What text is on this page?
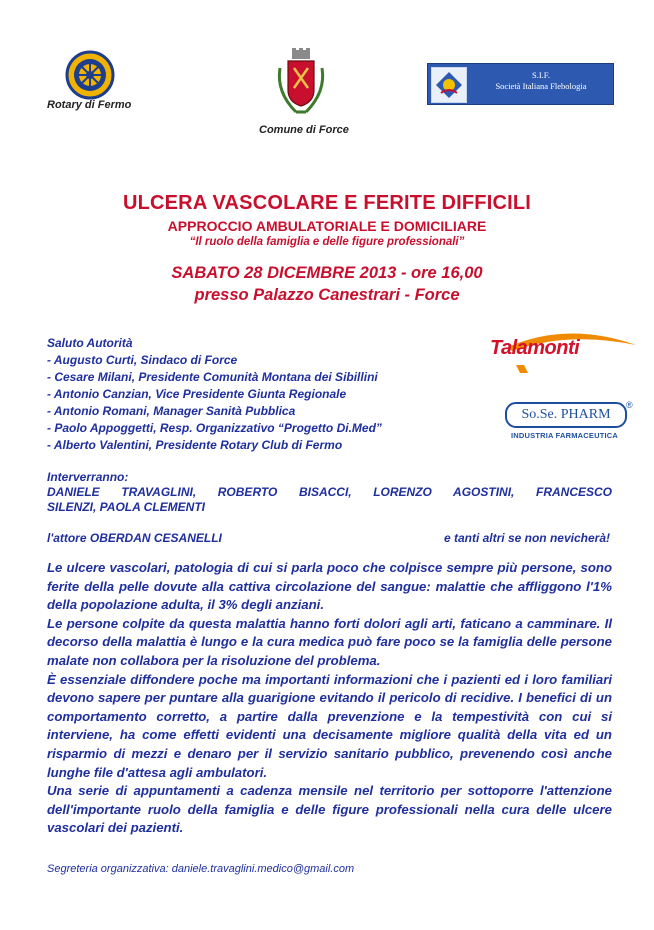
Rotary di Fermo
Comune di Force
S.I.F.
Società Italiana Flebologia
ULCERA VASCOLARE E FERITE DIFFICILI
APPROCCIO AMBULATORIALE E DOMICILIARE
“Il ruolo della famiglia e delle figure professionali”
SABATO 28 DICEMBRE 2013 - ore 16,00
presso Palazzo Canestrari - Force
Saluto Autorità
- Augusto Curti, Sindaco di Force
- Cesare Milani, Presidente Comunità Montana dei Sibillini
- Antonio Canzian, Vice Presidente Giunta Regionale
- Antonio Romani, Manager Sanità Pubblica
- Paolo Appoggetti, Resp. Organizzativo “Progetto Di.Med”
- Alberto Valentini, Presidente Rotary Club di Fermo
Talamonti
So.Se. PHARM
®
INDUSTRIA FARMACEUTICA
Interverranno:
DANIELE TRAVAGLINI, ROBERTO BISACCI, LORENZO AGOSTINI, FRANCESCO
SILENZI, PAOLA CLEMENTI
l'attore OBERDAN CESANELLI	e tanti altri se non nevicherà!

Le ulcere vascolari, patologia di cui si parla poco che colpisce sempre più persone, sono ferite della pelle dovute alla cattiva circolazione del sangue: malattie che affliggono l'1% della popolazione adulta, il 3% degli anziani.

Le persone colpite da questa malattia hanno forti dolori agli arti, faticano a camminare. Il decorso della malattia è lungo e la cura medica può fare poco se la famiglia delle persone malate non collabora per la risoluzione del problema.

È essenziale diffondere poche ma importanti informazioni che i pazienti ed i loro familiari devono sapere per puntare alla guarigione evitando il pericolo di recidive. I benefici di un comportamento corretto, a partire dalla prevenzione e la tempestività con cui si interviene, ha come effetti evidenti una decisamente migliore qualità della vita ed un risparmio di mezzi e denaro per il servizio sanitario pubblico, prevenendo così anche lunghe file d'attesa agli ambulatori.

Una serie di appuntamenti a cadenza mensile nel territorio per sottoporre l'attenzione dell'importante ruolo della famiglia e delle figure professionali nella cura delle ulcere vascolari dei pazienti.

Segreteria organizzativa: daniele.travaglini.medico@gmail.com
